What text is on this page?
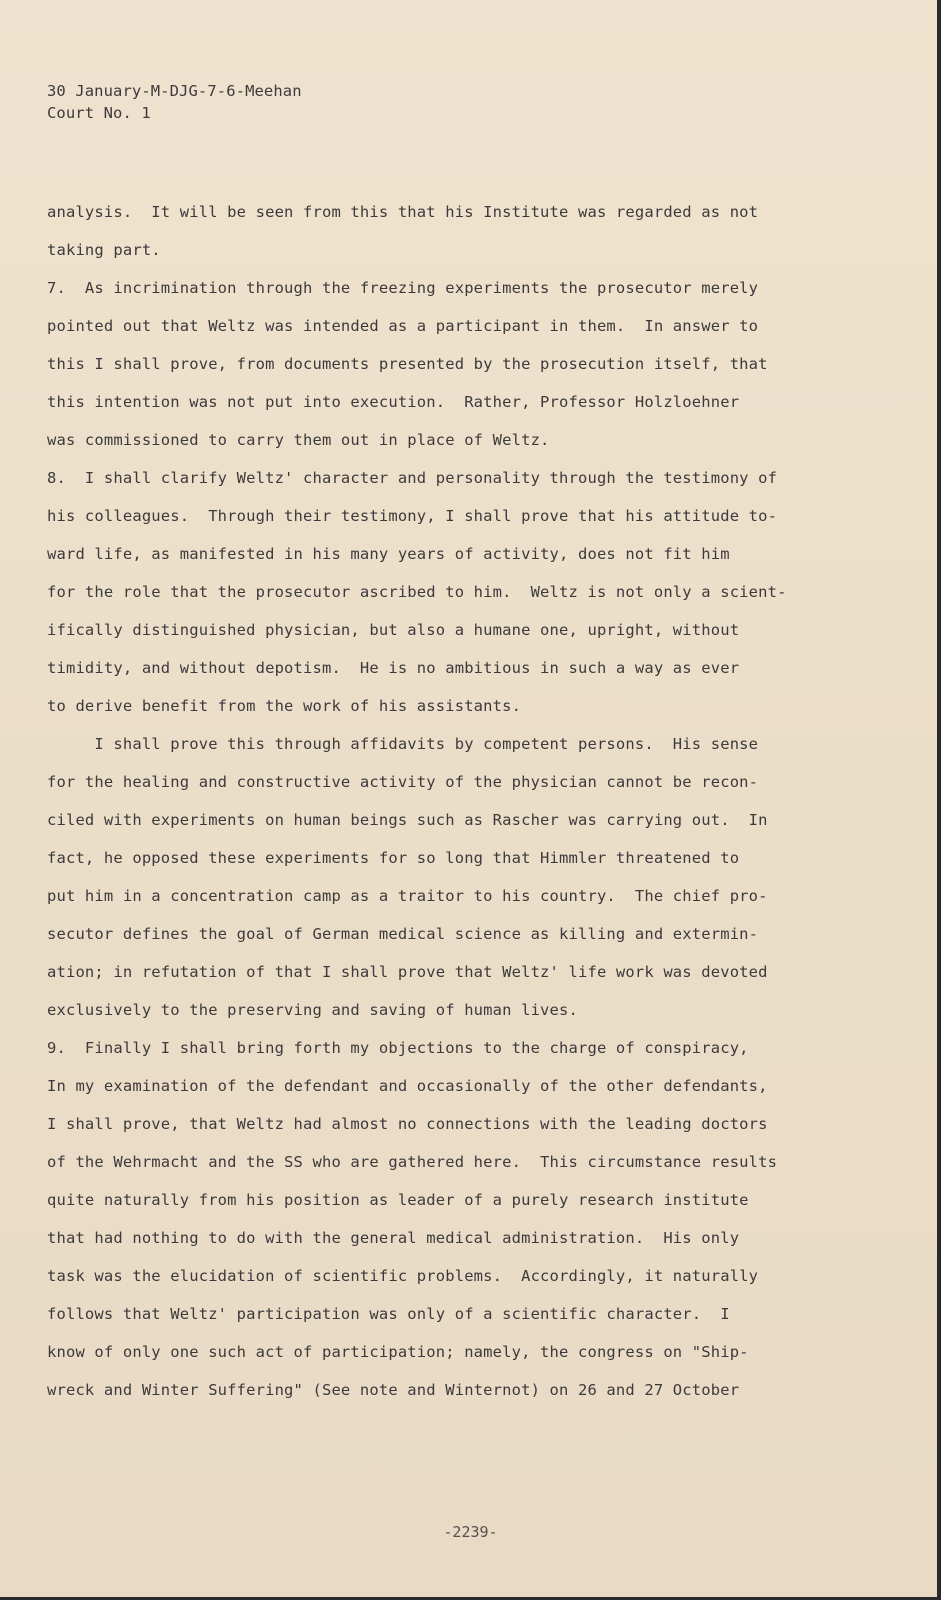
30 January-M-DJG-7-6-Meehan
Court No. 1
analysis.  It will be seen from this that his Institute was regarded as not
taking part.
7.  As incrimination through the freezing experiments the prosecutor merely
pointed out that Weltz was intended as a participant in them.  In answer to
this I shall prove, from documents presented by the prosecution itself, that
this intention was not put into execution.  Rather, Professor Holzloehner
was commissioned to carry them out in place of Weltz.
8.  I shall clarify Weltz' character and personality through the testimony of
his colleagues.  Through their testimony, I shall prove that his attitude to-
ward life, as manifested in his many years of activity, does not fit him
for the role that the prosecutor ascribed to him.  Weltz is not only a scient-
ifically distinguished physician, but also a humane one, upright, without
timidity, and without depotism.  He is no ambitious in such a way as ever
to derive benefit from the work of his assistants.
I shall prove this through affidavits by competent persons.  His sense
for the healing and constructive activity of the physician cannot be recon-
ciled with experiments on human beings such as Rascher was carrying out.  In
fact, he opposed these experiments for so long that Himmler threatened to
put him in a concentration camp as a traitor to his country.  The chief pro-
secutor defines the goal of German medical science as killing and extermin-
ation; in refutation of that I shall prove that Weltz' life work was devoted
exclusively to the preserving and saving of human lives.
9.  Finally I shall bring forth my objections to the charge of conspiracy,
In my examination of the defendant and occasionally of the other defendants,
I shall prove, that Weltz had almost no connections with the leading doctors
of the Wehrmacht and the SS who are gathered here.  This circumstance results
quite naturally from his position as leader of a purely research institute
that had nothing to do with the general medical administration.  His only
task was the elucidation of scientific problems.  Accordingly, it naturally
follows that Weltz' participation was only of a scientific character.  I
know of only one such act of participation; namely, the congress on "Ship-
wreck and Winter Suffering" (See note and Winternot) on 26 and 27 October
-2239-
